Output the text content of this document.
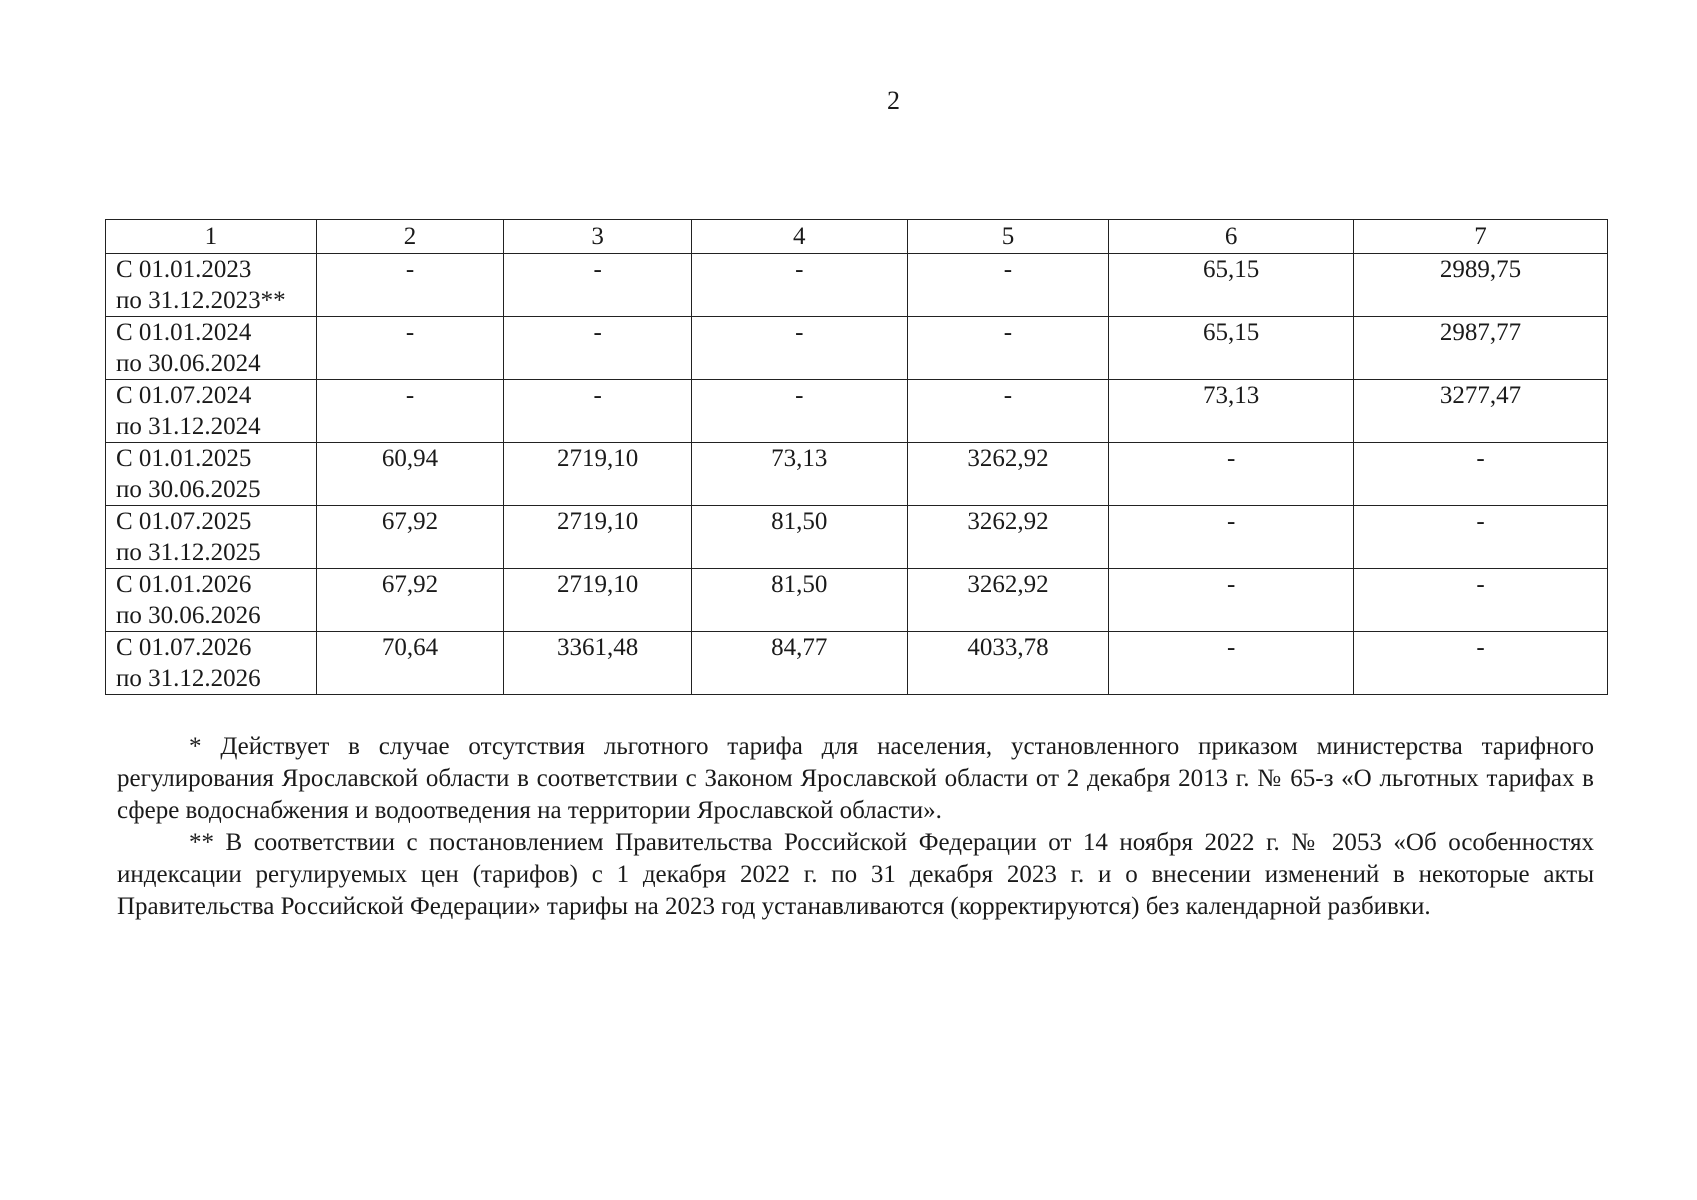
2
1	2	3	4	5	6	7

С 01.01.2023
по 31.12.2023**	-	-	-	-	65,15	2989,75

С 01.01.2024
по 30.06.2024	-	-	-	-	65,15	2987,77

С 01.07.2024
по 31.12.2024	-	-	-	-	73,13	3277,47

С 01.01.2025
по 30.06.2025	60,94	2719,10	73,13	3262,92	-	-

С 01.07.2025
по 31.12.2025	67,92	2719,10	81,50	3262,92	-	-

С 01.01.2026
по 30.06.2026	67,92	2719,10	81,50	3262,92	-	-

С 01.07.2026
по 31.12.2026	70,64	3361,48	84,77	4033,78	-	-

* Действует в случае отсутствия льготного тарифа для населения, установленного приказом министерства тарифного регулирования Ярославской области в соответствии с Законом Ярославской области от 2 декабря 2013 г. № 65-з «О льготных тарифах в сфере водоснабжения и водоотведения на территории Ярославской области».

** В соответствии с постановлением Правительства Российской Федерации от 14 ноября 2022 г. № 2053 «Об особенностях индексации регулируемых цен (тарифов) с 1 декабря 2022 г. по 31 декабря 2023 г. и о внесении изменений в некоторые акты Правительства Российской Федерации» тарифы на 2023 год устанавливаются (корректируются) без календарной разбивки.
